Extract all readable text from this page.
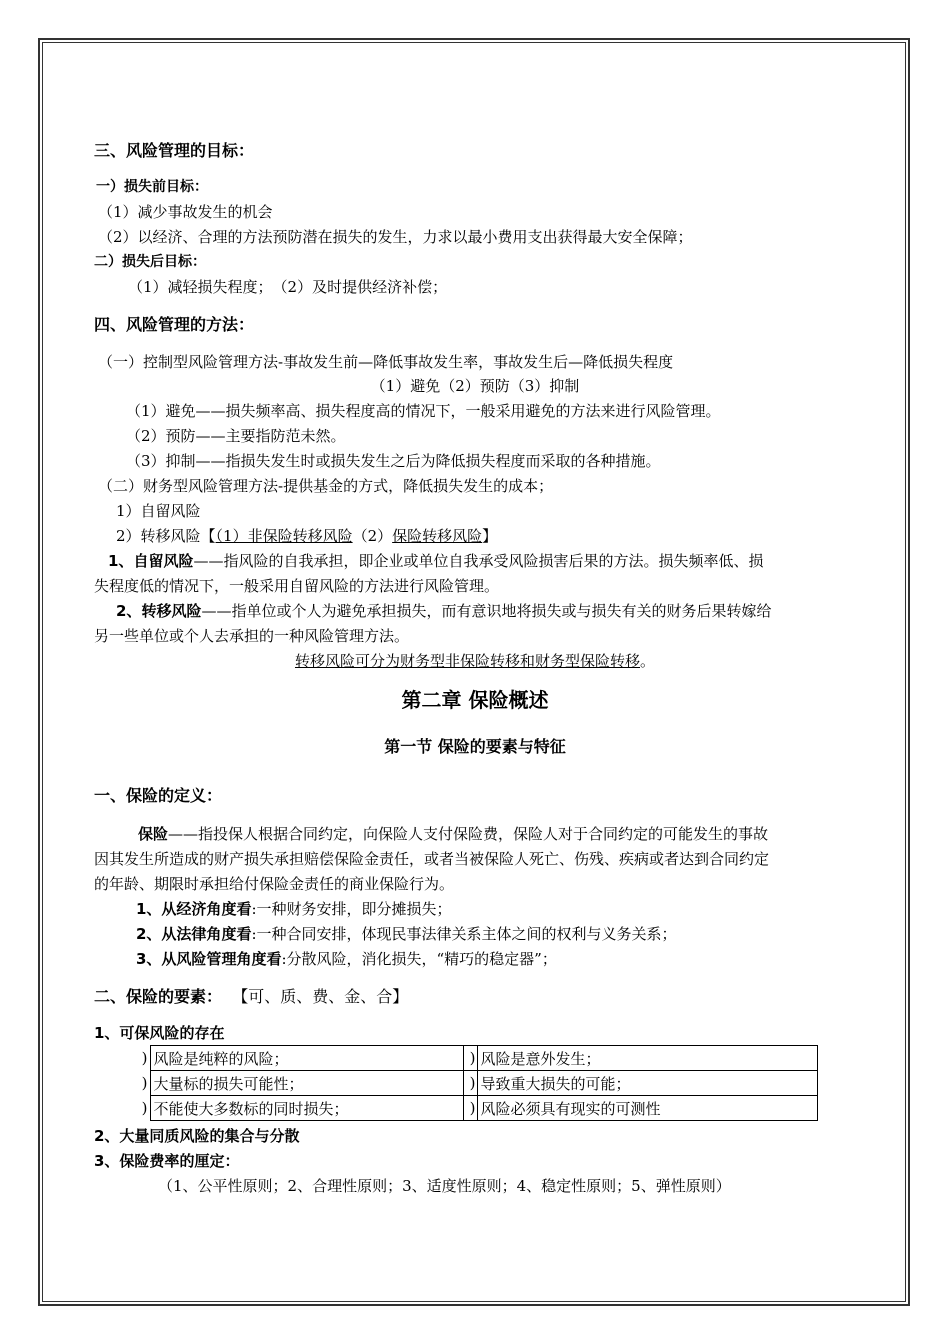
三、风险管理的目标：
一）损失前目标：
（1）减少事故发生的机会
（2）以经济、合理的方法预防潜在损失的发生，力求以最小费用支出获得最大安全保障；
二）损失后目标：
（1）减轻损失程度；　（2）及时提供经济补偿；
四、风险管理的方法：
（一）控制型风险管理方法-事故发生前—降低事故发生率，事故发生后—降低损失程度
（1）避免（2）预防（3）抑制
（1）避免——损失频率高、损失程度高的情况下，一般采用避免的方法来进行风险管理。
（2）预防——主要指防范未然。
（3）抑制——指损失发生时或损失发生之后为降低损失程度而采取的各种措施。
（二）财务型风险管理方法-提供基金的方式，降低损失发生的成本；
1）自留风险
2）转移风险【（1）非保险转移风险（2）保险转移风险】
1、自留风险——指风险的自我承担，即企业或单位自我承受风险损害后果的方法。损失频率低、损
失程度低的情况下，一般采用自留风险的方法进行风险管理。
2、转移风险——指单位或个人为避免承担损失，而有意识地将损失或与损失有关的财务后果转嫁给
另一些单位或个人去承担的一种风险管理方法。
转移风险可分为财务型非保险转移和财务型保险转移。
第二章 保险概述
第一节 保险的要素与特征
一、保险的定义：
保险——指投保人根据合同约定，向保险人支付保险费，保险人对于合同约定的可能发生的事故
因其发生所造成的财产损失承担赔偿保险金责任，或者当被保险人死亡、伤残、疾病或者达到合同约定
的年龄、期限时承担给付保险金责任的商业保险行为。
1、从经济角度看:一种财务安排，即分摊损失；
2、从法律角度看:一种合同安排，体现民事法律关系主体之间的权利与义务关系；
3、从风险管理角度看:分散风险，消化损失，“精巧的稳定器”；
二、保险的要素： 【可、质、费、金、合】
1、可保风险的存在
)	风险是纯粹的风险；	)	风险是意外发生；
)	大量标的损失可能性；	)	导致重大损失的可能；
)	不能使大多数标的同时损失；	)	风险必须具有现实的可测性
2、大量同质风险的集合与分散
3、保险费率的厘定：
（1、公平性原则；2、合理性原则；3、适度性原则；4、稳定性原则；5、弹性原则）
